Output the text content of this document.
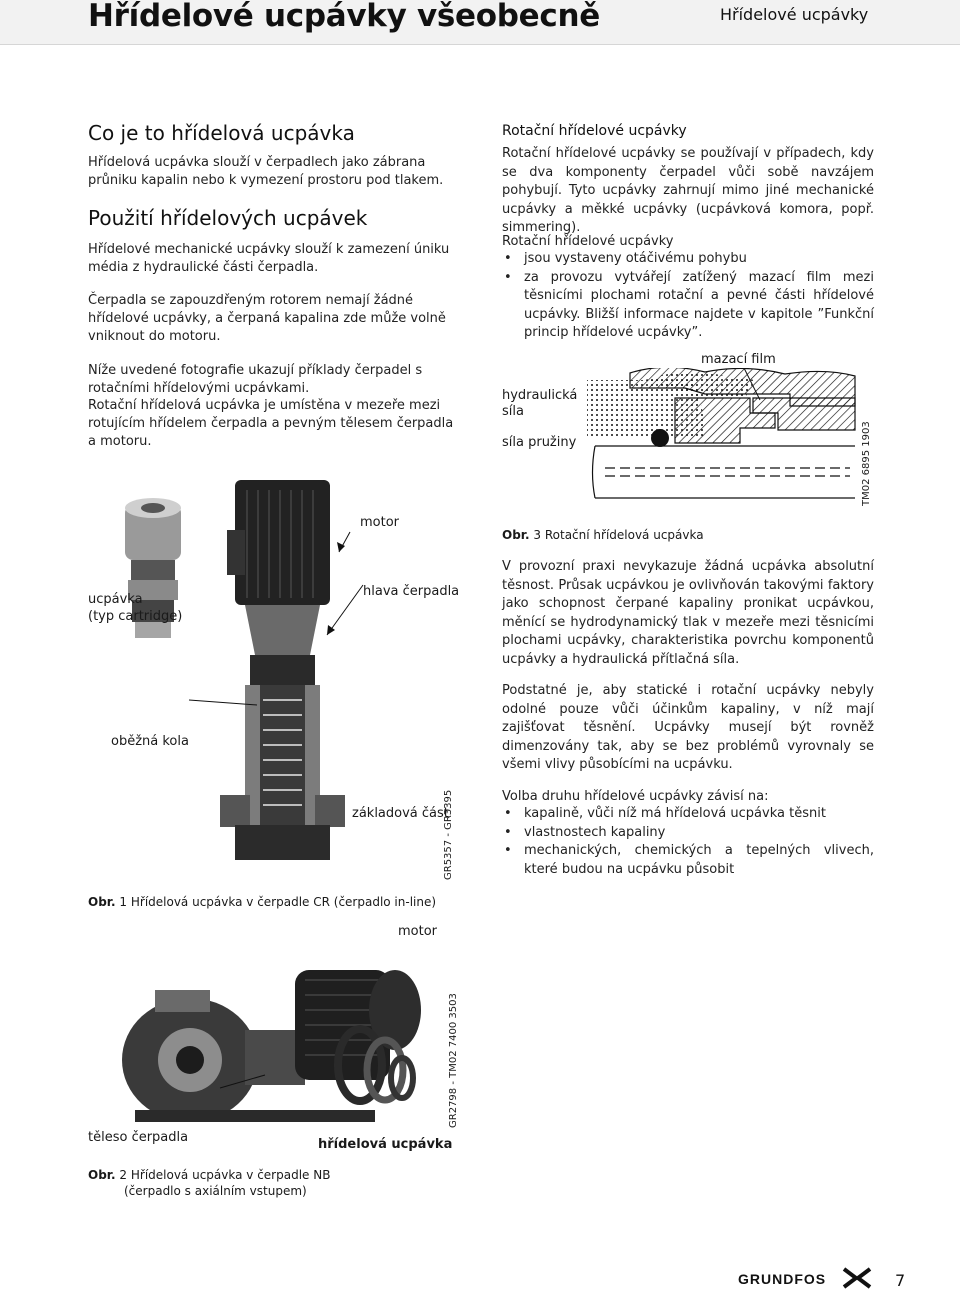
Hřídelové ucpávky všeobecně	Hřídelové ucpávky
Co je to hřídelová ucpávka
Hřídelová ucpávka slouží v čerpadlech jako zábrana průniku kapalin nebo k vymezení prostoru pod tlakem.
Použití hřídelových ucpávek
Hřídelové mechanické ucpávky slouží k zamezení úniku média z hydraulické části čerpadla.
Čerpadla se zapouzdřeným rotorem nemají žádné hřídelové ucpávky, a čerpaná kapalina zde může volně vniknout do motoru.
Níže uvedené fotografie ukazují příklady čerpadel s rotačními hřídelovými ucpávkami.
Rotační hřídelová ucpávka je umístěna v mezeře mezi rotujícím hřídelem čerpadla a pevným tělesem čerpadla a motoru.
motor
ucpávka
(typ cartridge)
hlava čerpadla
oběžná kola
základová část
GR5357 - GR3395
Obr. 1 Hřídelová ucpávka v čerpadle CR (čerpadlo in-line)
motor
těleso čerpadla	hřídelová ucpávka
GR2798 - TM02 7400 3503
Obr. 2 Hřídelová ucpávka v čerpadle NB
(čerpadlo s axiálním vstupem)
Rotační hřídelové ucpávky
Rotační hřídelové ucpávky se používají v případech, kdy se dva komponenty čerpadel vůči sobě navzájem pohybují. Tyto ucpávky zahrnují mimo jiné mechanické ucpávky a měkké ucpávky (ucpávková komora, popř. simmering).
Rotační hřídelové ucpávky
• jsou vystaveny otáčivému pohybu
• za provozu vytvářejí zatížený mazací film mezi těsnicími plochami rotační a pevné části hřídelové ucpávky. Bližší informace najdete v kapitole ”Funkční princip hřídelové ucpávky”.
mazací film
hydraulická
síla
síla pružiny	TM02 6895 1903
Obr. 3 Rotační hřídelová ucpávka
V provozní praxi nevykazuje žádná ucpávka absolutní těsnost. Průsak ucpávkou je ovlivňován takovými faktory jako schopnost čerpané kapaliny pronikat ucpávkou, měnící se hydrodynamický tlak v mezeře mezi těsnicími plochami ucpávky, charakteristika povrchu komponentů ucpávky a hydraulická přítlačná síla.
Podstatné je, aby statické i rotační ucpávky nebyly odolné pouze vůči účinkům kapaliny, v níž mají zajišťovat těsnění. Ucpávky musejí být rovněž dimenzovány tak, aby se bez problémů vyrovnaly se všemi vlivy působícími na ucpávku.
Volba druhu hřídelové ucpávky závisí na:
• kapalině, vůči níž má hřídelová ucpávka těsnit
• vlastnostech kapaliny
• mechanických, chemických a tepelných vlivech, které budou na ucpávku působit
GRUNDFOS	7
